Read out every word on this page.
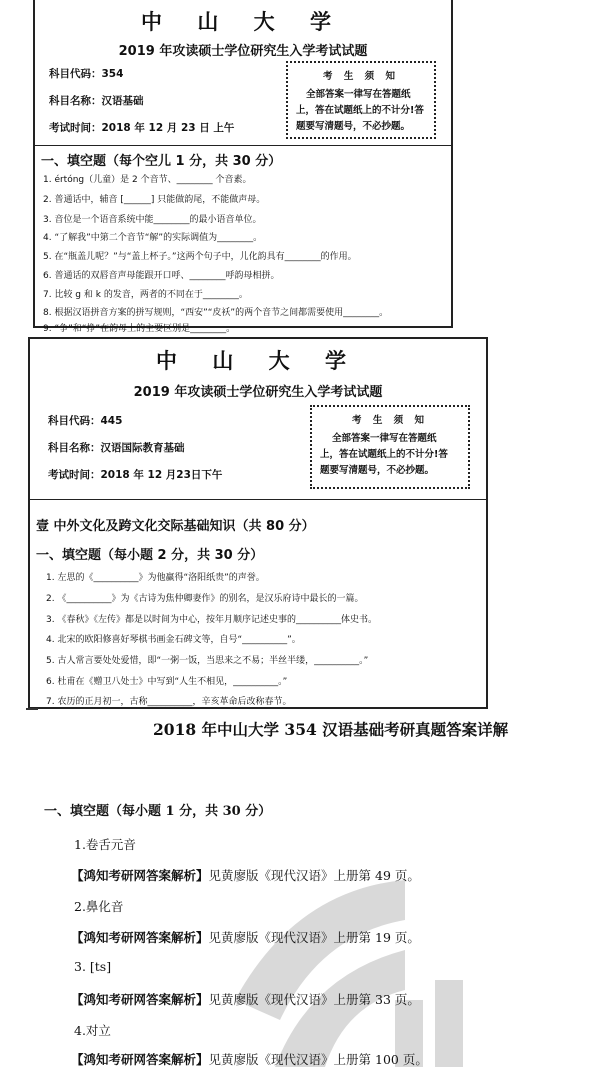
中 山 大 学
2019 年攻读硕士学位研究生入学考试试题
科目代码：354
科目名称：汉语基础
考试时间：2018 年 12 月 23 日 上午
考 生 须 知
全部答案一律写在答题纸
上，答在试题纸上的不计分!答
题要写清题号，不必抄题。
一、填空题（每个空儿 1 分，共 30 分）
1. értóng（儿童）是 2 个音节、________ 个音素。
2. 普通话中，辅音 [______] 只能做韵尾，不能做声母。
3. 音位是一个语音系统中能________的最小语音单位。
4. “了解我”中第二个音节“解”的实际调值为________。
5. 在“瓶盖儿呢？”与“盖上杯子。”这两个句子中，儿化韵具有________的作用。
6. 普通话的双唇音声母能跟开口呼、________呼韵母相拼。
7. 比较 g 和 k 的发音，两者的不同在于________。
8. 根据汉语拼音方案的拼写规则，“西安”“皮袄”的两个音节之间都需要使用________。
9. “争”和“挣”在韵母上的主要区别是________。
中 山 大 学
2019 年攻读硕士学位研究生入学考试试题
科目代码：445
科目名称：汉语国际教育基础
考试时间：2018 年 12 月23日下午
考 生 须 知
全部答案一律写在答题纸
上，答在试题纸上的不计分!答
题要写清题号，不必抄题。
壹 中外文化及跨文化交际基础知识（共 80 分）
一、填空题（每小题 2 分，共 30 分）
1. 左思的《__________》为他赢得“洛阳纸贵”的声誉。
2. 《__________》为《古诗为焦仲卿妻作》的别名，是汉乐府诗中最长的一篇。
3. 《春秋》《左传》都是以时间为中心，按年月顺序记述史事的__________体史书。
4. 北宋的欧阳修喜好琴棋书画金石碑文等，自号“__________”。
5. 古人常言要处处爱惜，即“一粥一饭，当思来之不易；半丝半缕，__________。”
6. 杜甫在《赠卫八处士》中写到“人生不相见，__________。”
7. 农历的正月初一，古称__________，辛亥革命后改称春节。
2018 年中山大学 354 汉语基础考研真题答案详解
一、填空题（每小题 1 分，共 30 分）
1.卷舌元音
【鸿知考研网答案解析】见黄廖版《现代汉语》上册第 49 页。
2.鼻化音
【鸿知考研网答案解析】见黄廖版《现代汉语》上册第 19 页。
3. [ts]
【鸿知考研网答案解析】见黄廖版《现代汉语》上册第 33 页。
4.对立
【鸿知考研网答案解析】见黄廖版《现代汉语》上册第 100 页。
